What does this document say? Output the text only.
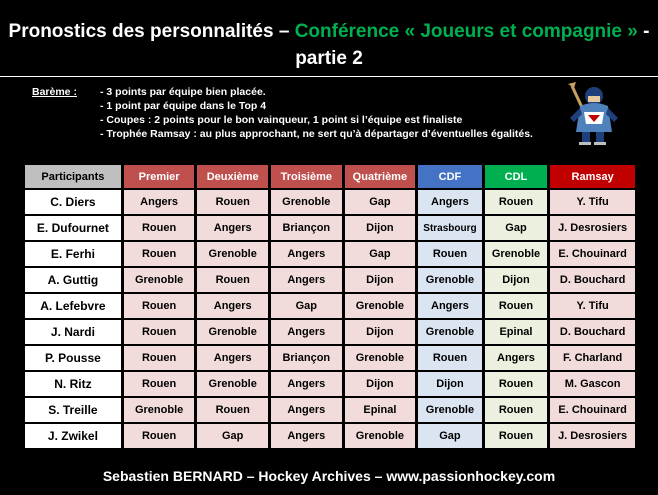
Pronostics des personnalités – Conférence « Joueurs et compagnie » -
partie 2
Barème : - 3 points par équipe bien placée.
- 1 point par équipe dans le Top 4
- Coupes : 2 points pour le bon vainqueur, 1 point si l’équipe est finaliste
- Trophée Ramsay : au plus approchant, ne sert qu’à départager d’éventuelles égalités.
Participants	Premier	Deuxième	Troisième	Quatrième	CDF	CDL	Ramsay
C. Diers	Angers	Rouen	Grenoble	Gap	Angers	Rouen	Y. Tifu
E. Dufournet	Rouen	Angers	Briançon	Dijon	Strasbourg	Gap	J. Desrosiers
E. Ferhi	Rouen	Grenoble	Angers	Gap	Rouen	Grenoble	E. Chouinard
A. Guttig	Grenoble	Rouen	Angers	Dijon	Grenoble	Dijon	D. Bouchard
A. Lefebvre	Rouen	Angers	Gap	Grenoble	Angers	Rouen	Y. Tifu
J. Nardi	Rouen	Grenoble	Angers	Dijon	Grenoble	Epinal	D. Bouchard
P. Pousse	Rouen	Angers	Briançon	Grenoble	Rouen	Angers	F. Charland
N. Ritz	Rouen	Grenoble	Angers	Dijon	Dijon	Rouen	M. Gascon
S. Treille	Grenoble	Rouen	Angers	Epinal	Grenoble	Rouen	E. Chouinard
J. Zwikel	Rouen	Gap	Angers	Grenoble	Gap	Rouen	J. Desrosiers
Sebastien BERNARD – Hockey Archives – www.passionhockey.com
